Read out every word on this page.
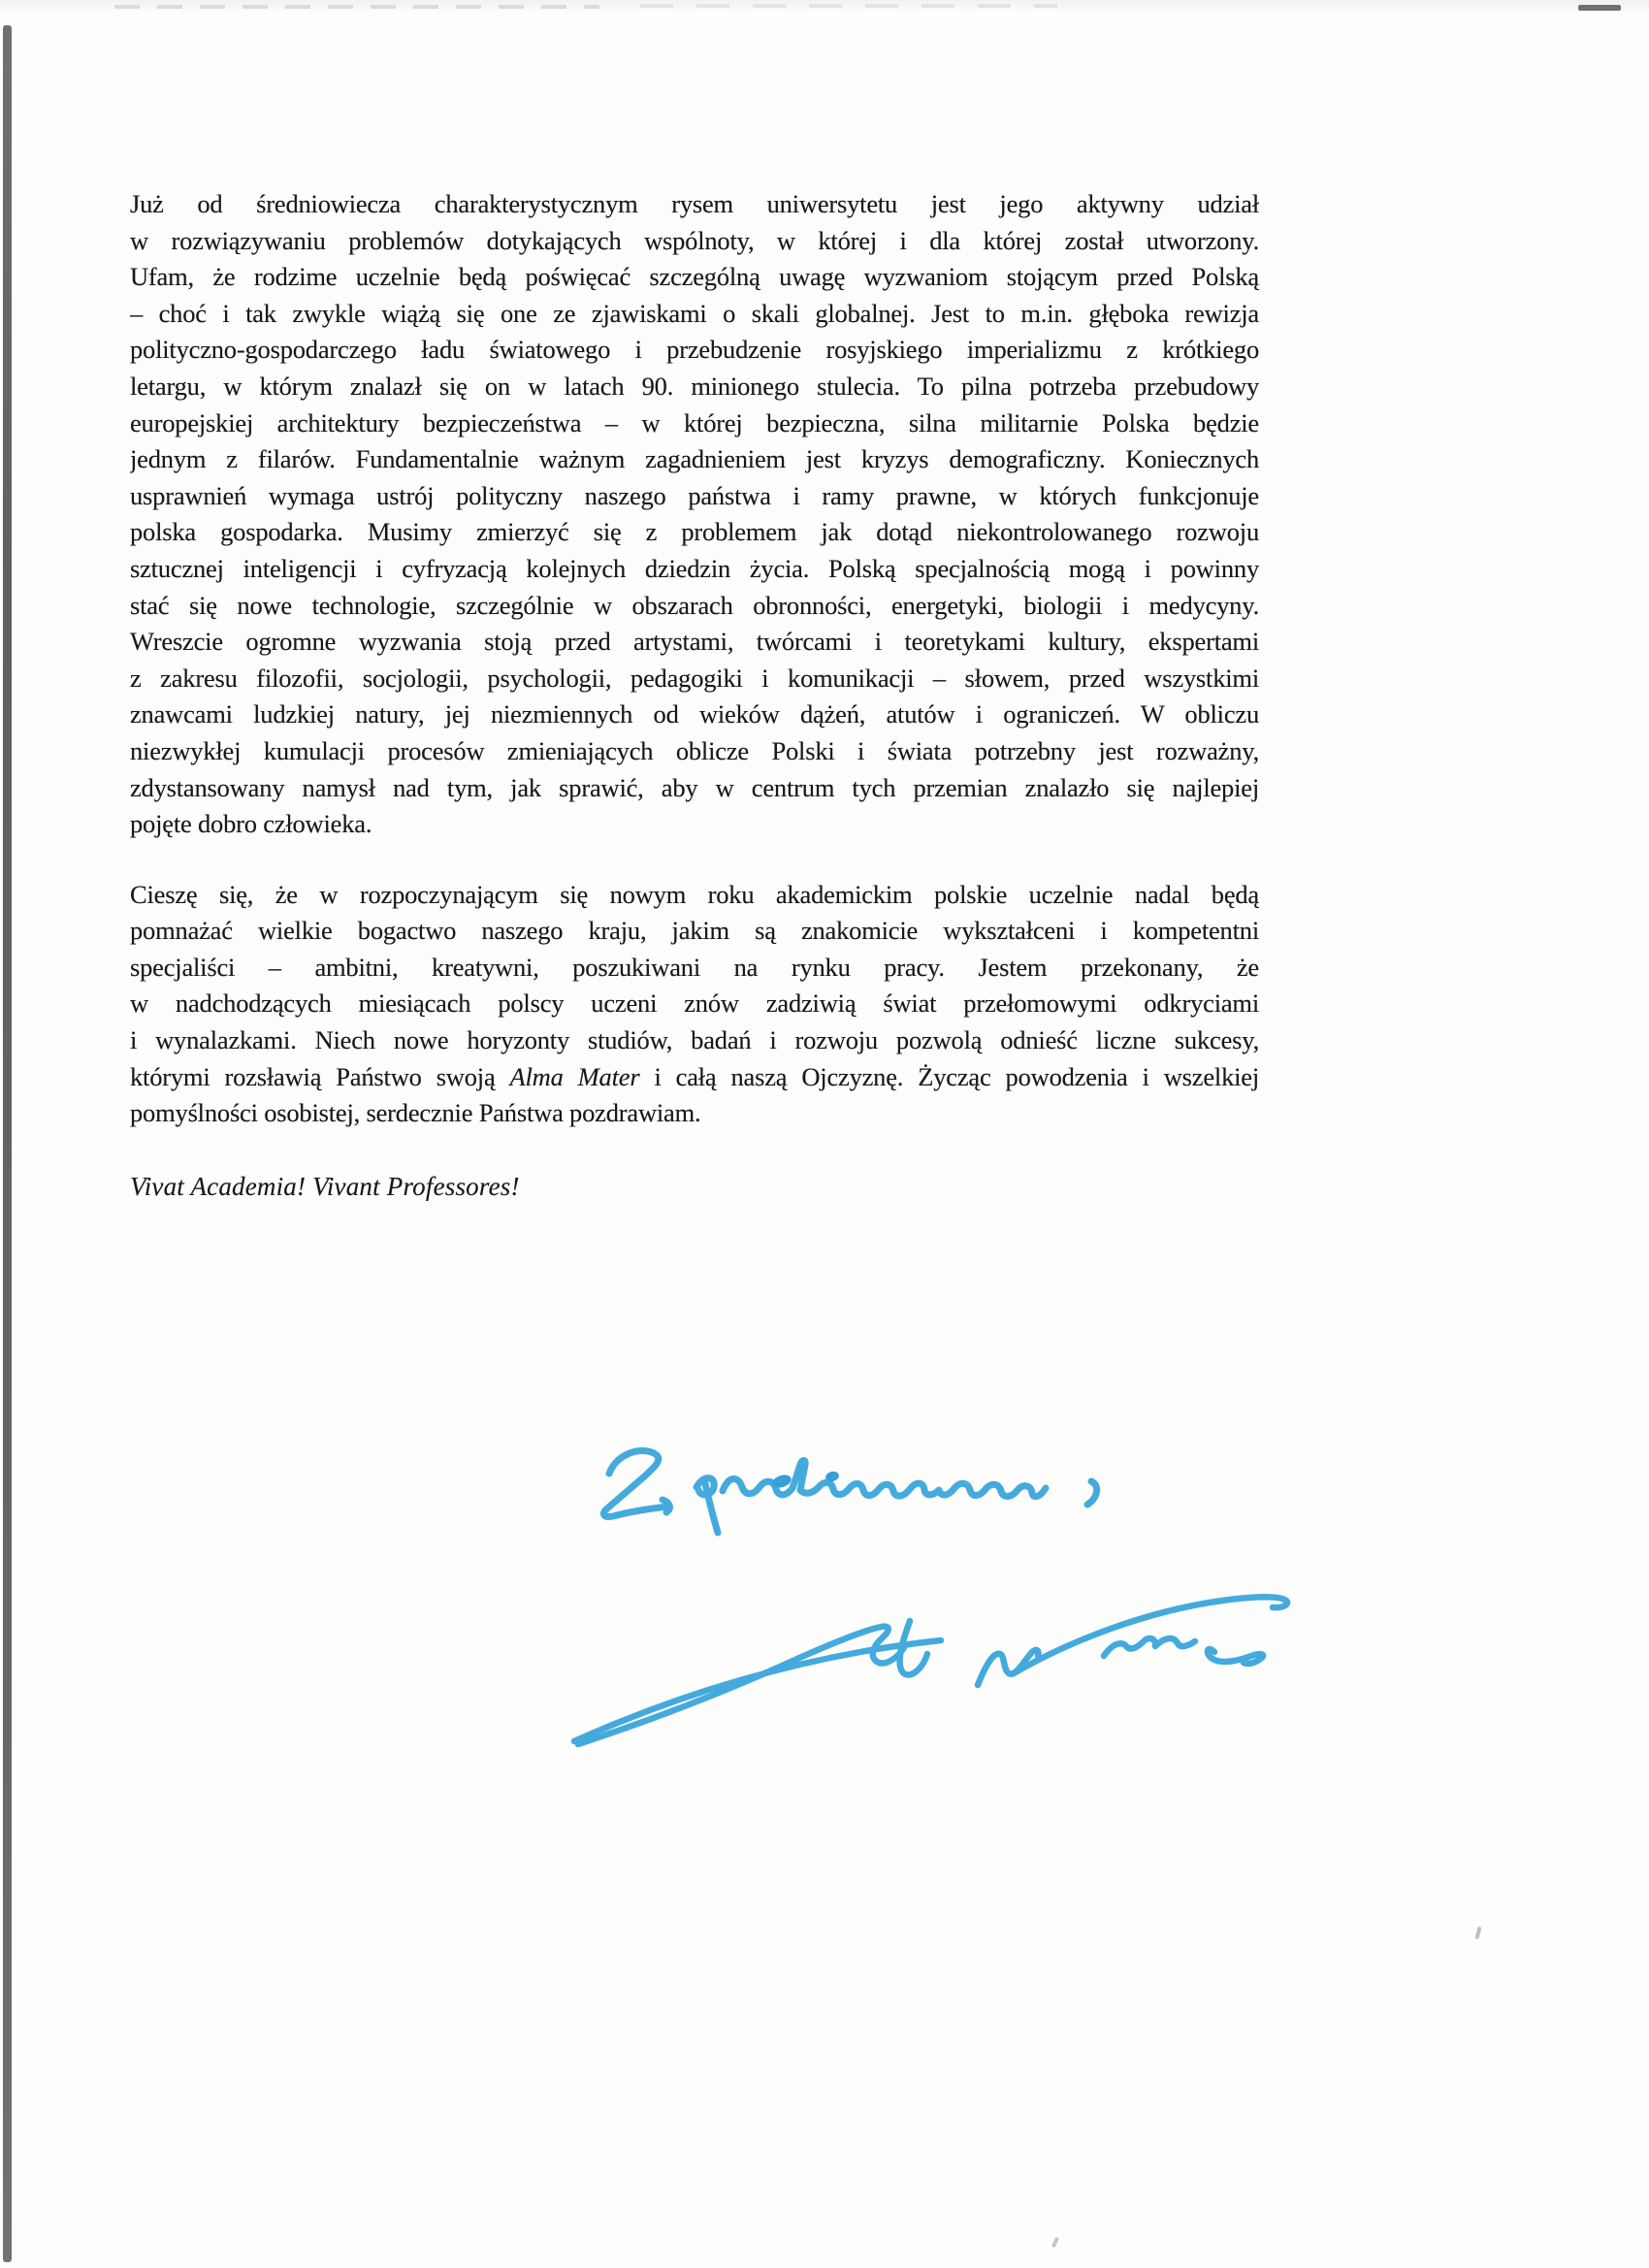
Już od średniowiecza charakterystycznym rysem uniwersytetu jest jego aktywny udział
w rozwiązywaniu problemów dotykających wspólnoty, w której i dla której został utworzony.
Ufam, że rodzime uczelnie będą poświęcać szczególną uwagę wyzwaniom stojącym przed Polską
– choć i tak zwykle wiążą się one ze zjawiskami o skali globalnej. Jest to m.in. głęboka rewizja
polityczno-gospodarczego ładu światowego i przebudzenie rosyjskiego imperializmu z krótkiego
letargu, w którym znalazł się on w latach 90. minionego stulecia. To pilna potrzeba przebudowy
europejskiej architektury bezpieczeństwa – w której bezpieczna, silna militarnie Polska będzie
jednym z filarów. Fundamentalnie ważnym zagadnieniem jest kryzys demograficzny. Koniecznych
usprawnień wymaga ustrój polityczny naszego państwa i ramy prawne, w których funkcjonuje
polska gospodarka. Musimy zmierzyć się z problemem jak dotąd niekontrolowanego rozwoju
sztucznej inteligencji i cyfryzacją kolejnych dziedzin życia. Polską specjalnością mogą i powinny
stać się nowe technologie, szczególnie w obszarach obronności, energetyki, biologii i medycyny.
Wreszcie ogromne wyzwania stoją przed artystami, twórcami i teoretykami kultury, ekspertami
z zakresu filozofii, socjologii, psychologii, pedagogiki i komunikacji – słowem, przed wszystkimi
znawcami ludzkiej natury, jej niezmiennych od wieków dążeń, atutów i ograniczeń. W obliczu
niezwykłej kumulacji procesów zmieniających oblicze Polski i świata potrzebny jest rozważny,
zdystansowany namysł nad tym, jak sprawić, aby w centrum tych przemian znalazło się najlepiej
pojęte dobro człowieka.
Cieszę się, że w rozpoczynającym się nowym roku akademickim polskie uczelnie nadal będą
pomnażać wielkie bogactwo naszego kraju, jakim są znakomicie wykształceni i kompetentni
specjaliści – ambitni, kreatywni, poszukiwani na rynku pracy. Jestem przekonany, że
w nadchodzących miesiącach polscy uczeni znów zadziwią świat przełomowymi odkryciami
i wynalazkami. Niech nowe horyzonty studiów, badań i rozwoju pozwolą odnieść liczne sukcesy,
którymi rozsławią Państwo swoją Alma Mater i całą naszą Ojczyznę. Życząc powodzenia i wszelkiej
pomyślności osobistej, serdecznie Państwa pozdrawiam.
Vivat Academia! Vivant Professores!
